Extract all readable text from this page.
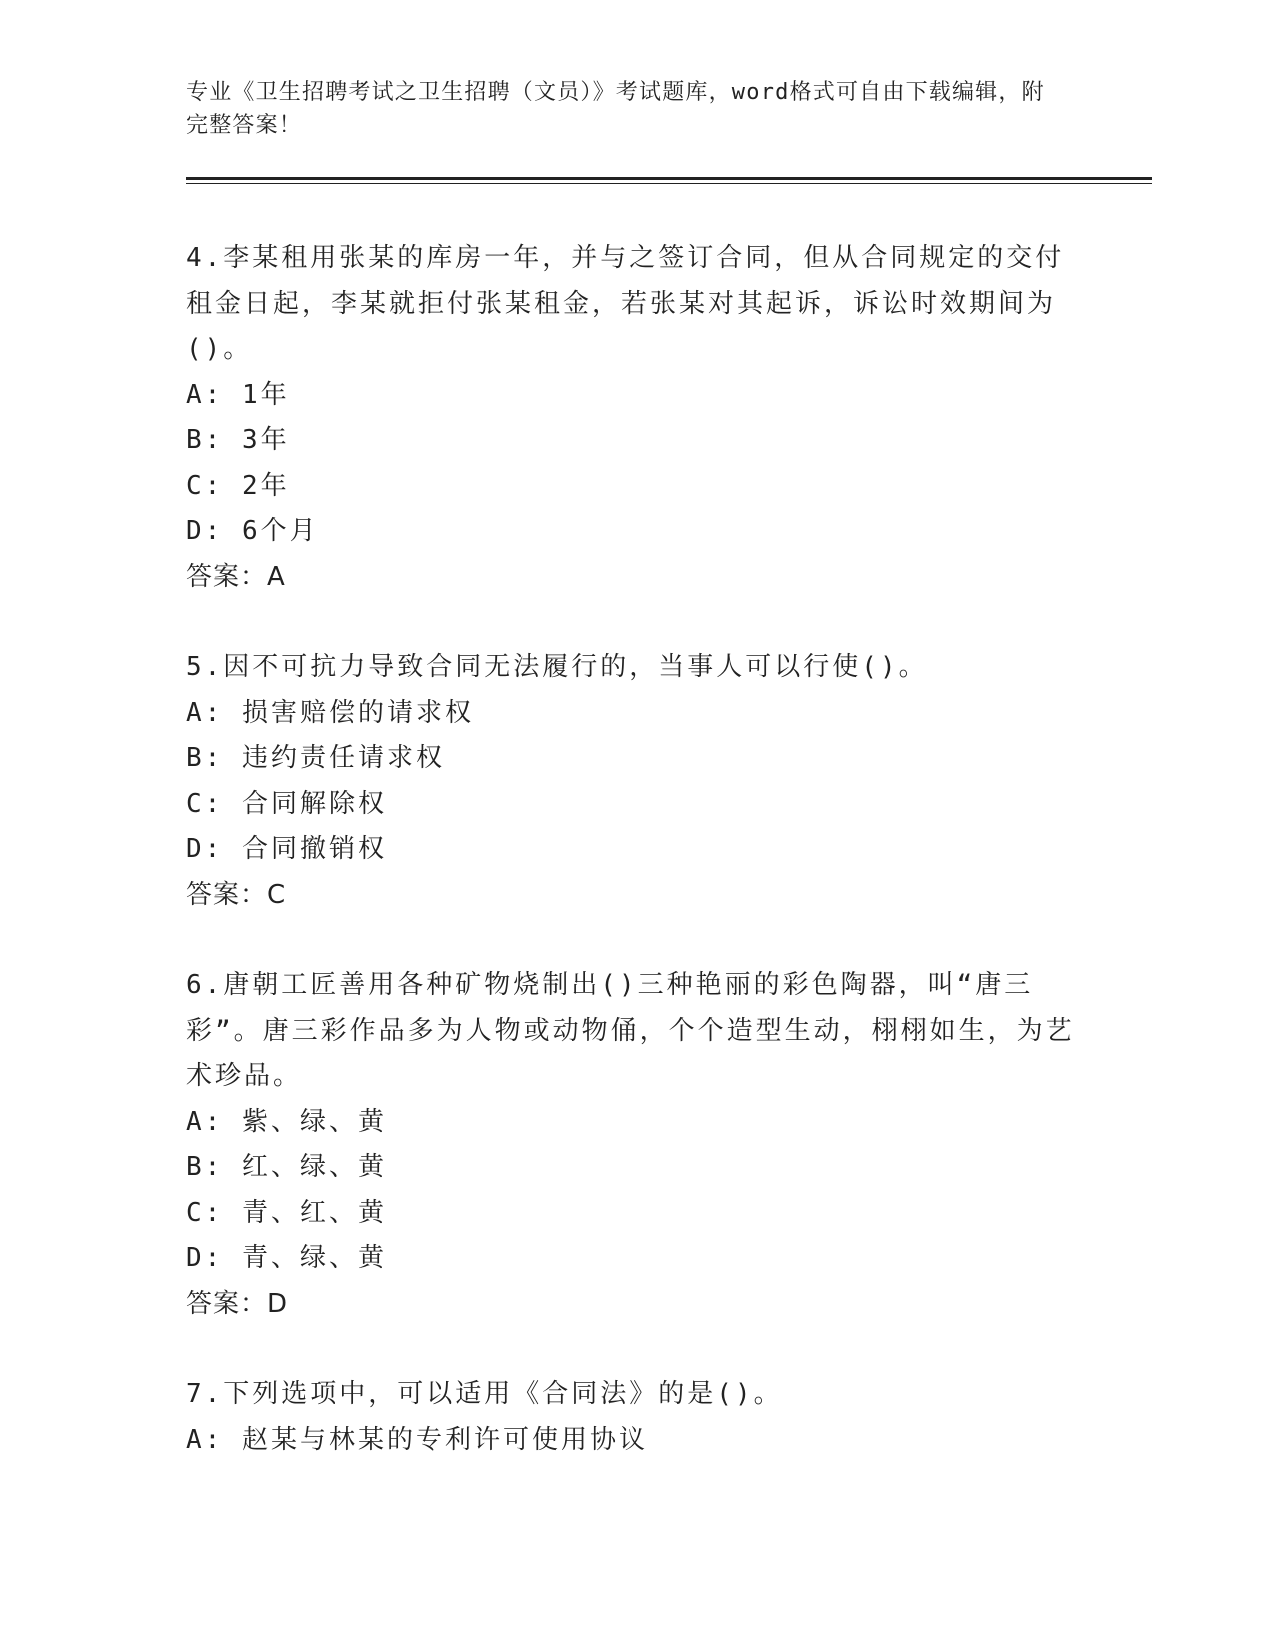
专业《卫生招聘考试之卫生招聘（文员）》考试题库，word格式可自由下载编辑，附完整答案！

4.李某租用张某的库房一年，并与之签订合同，但从合同规定的交付租金日起，李某就拒付张某租金，若张某对其起诉，诉讼时效期间为()。

A: 1年

B: 3年

C: 2年

D: 6个月

答案：A

5.因不可抗力导致合同无法履行的，当事人可以行使()。

A: 损害赔偿的请求权

B: 违约责任请求权

C: 合同解除权

D: 合同撤销权

答案：C

6.唐朝工匠善用各种矿物烧制出()三种艳丽的彩色陶器，叫“唐三彩”。唐三彩作品多为人物或动物俑，个个造型生动，栩栩如生，为艺术珍品。

A: 紫、绿、黄

B: 红、绿、黄

C: 青、红、黄

D: 青、绿、黄

答案：D

7.下列选项中，可以适用《合同法》的是()。

A: 赵某与林某的专利许可使用协议
